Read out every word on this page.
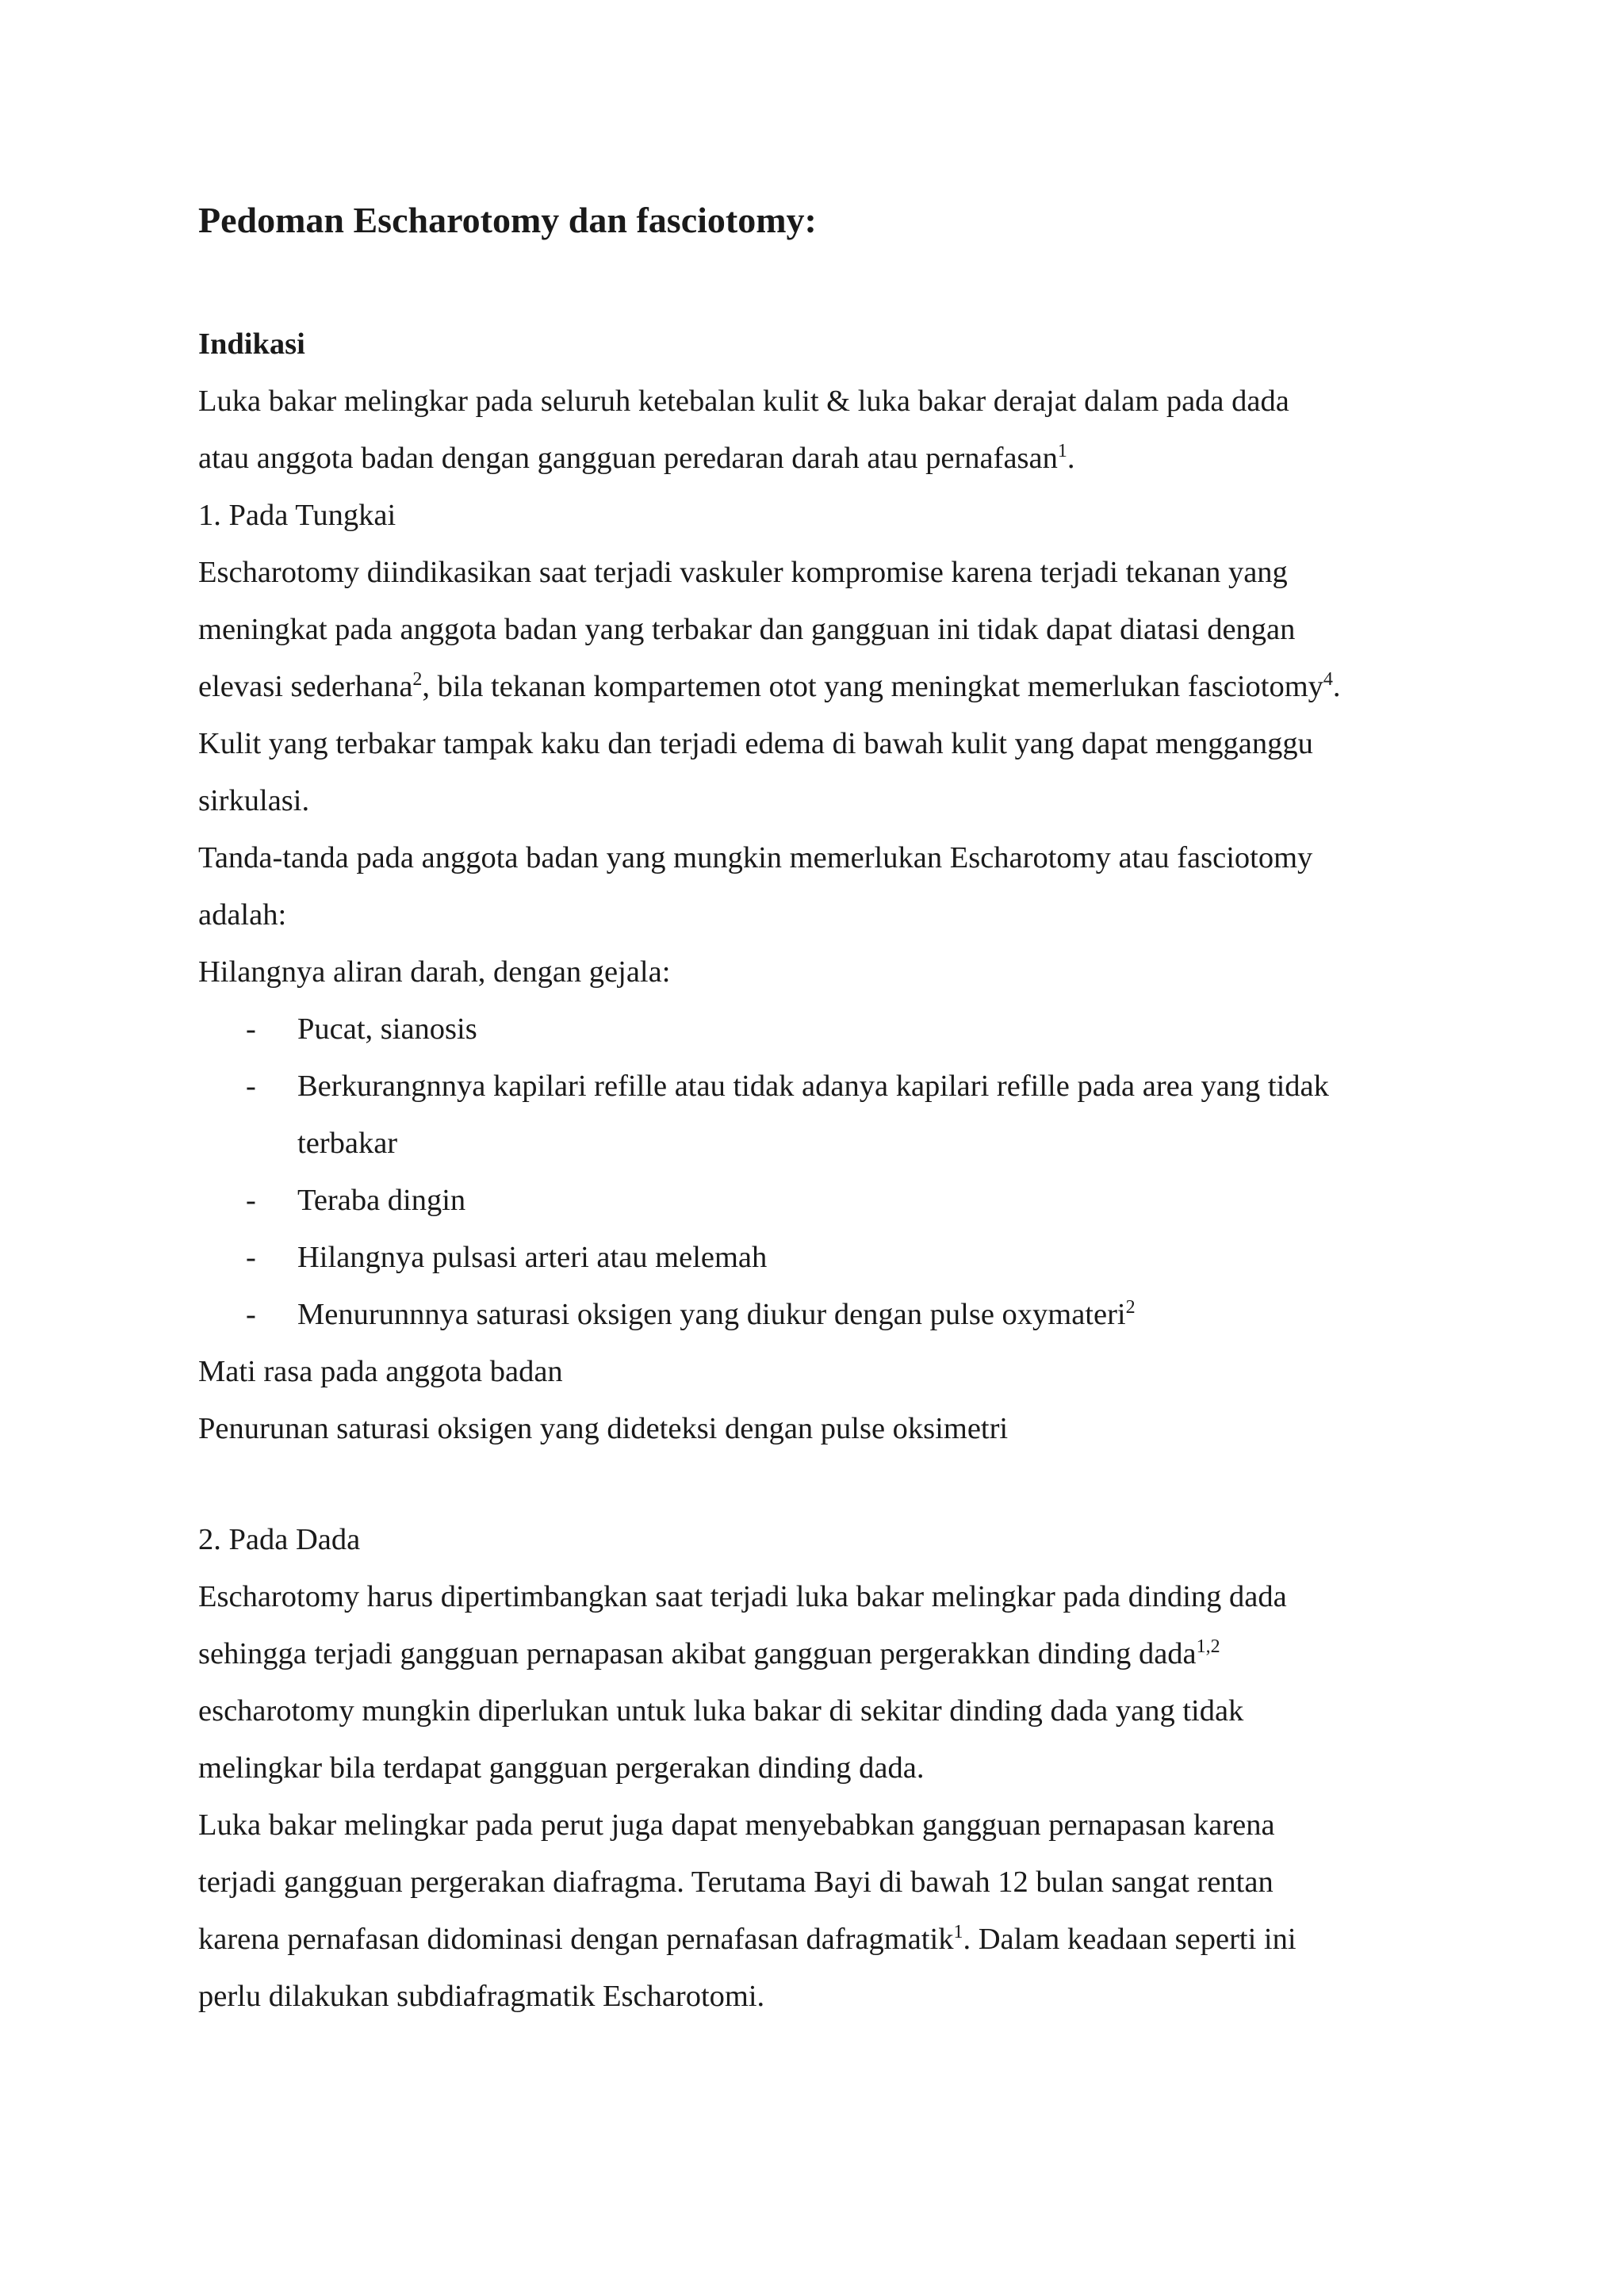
Pedoman Escharotomy dan fasciotomy:
Indikasi
Luka bakar melingkar pada seluruh ketebalan kulit & luka bakar derajat dalam pada dada
atau anggota badan dengan gangguan peredaran darah atau pernafasan$^1$.
1. Pada Tungkai
Escharotomy diindikasikan saat terjadi vaskuler kompromise karena terjadi tekanan yang
meningkat pada anggota badan yang terbakar dan gangguan ini tidak dapat diatasi dengan
elevasi sederhana$^2$, bila tekanan kompartemen otot yang meningkat memerlukan fasciotomy$^4$.
Kulit yang terbakar tampak kaku dan terjadi edema di bawah kulit yang dapat mengganggu
sirkulasi.
Tanda-tanda pada anggota badan yang mungkin memerlukan Escharotomy atau fasciotomy
adalah:
Hilangnya aliran darah, dengan gejala:
- Pucat, sianosis
- Berkurangnnya kapilari refille atau tidak adanya kapilari refille pada area yang tidak
terbakar
- Teraba dingin
- Hilangnya pulsasi arteri atau melemah
- Menurunnnya saturasi oksigen yang diukur dengan pulse oxymateri$^2$
Mati rasa pada anggota badan
Penurunan saturasi oksigen yang dideteksi dengan pulse oksimetri
2. Pada Dada
Escharotomy harus dipertimbangkan saat terjadi luka bakar melingkar pada dinding dada
sehingga terjadi gangguan pernapasan akibat gangguan pergerakkan dinding dada$^{1,2}$
escharotomy mungkin diperlukan untuk luka bakar di sekitar dinding dada yang tidak
melingkar bila terdapat gangguan pergerakan dinding dada.
Luka bakar melingkar pada perut juga dapat menyebabkan gangguan pernapasan karena
terjadi gangguan pergerakan diafragma. Terutama Bayi di bawah 12 bulan sangat rentan
karena pernafasan didominasi dengan pernafasan dafragmatik$^1$. Dalam keadaan seperti ini
perlu dilakukan subdiafragmatik Escharotomi.
